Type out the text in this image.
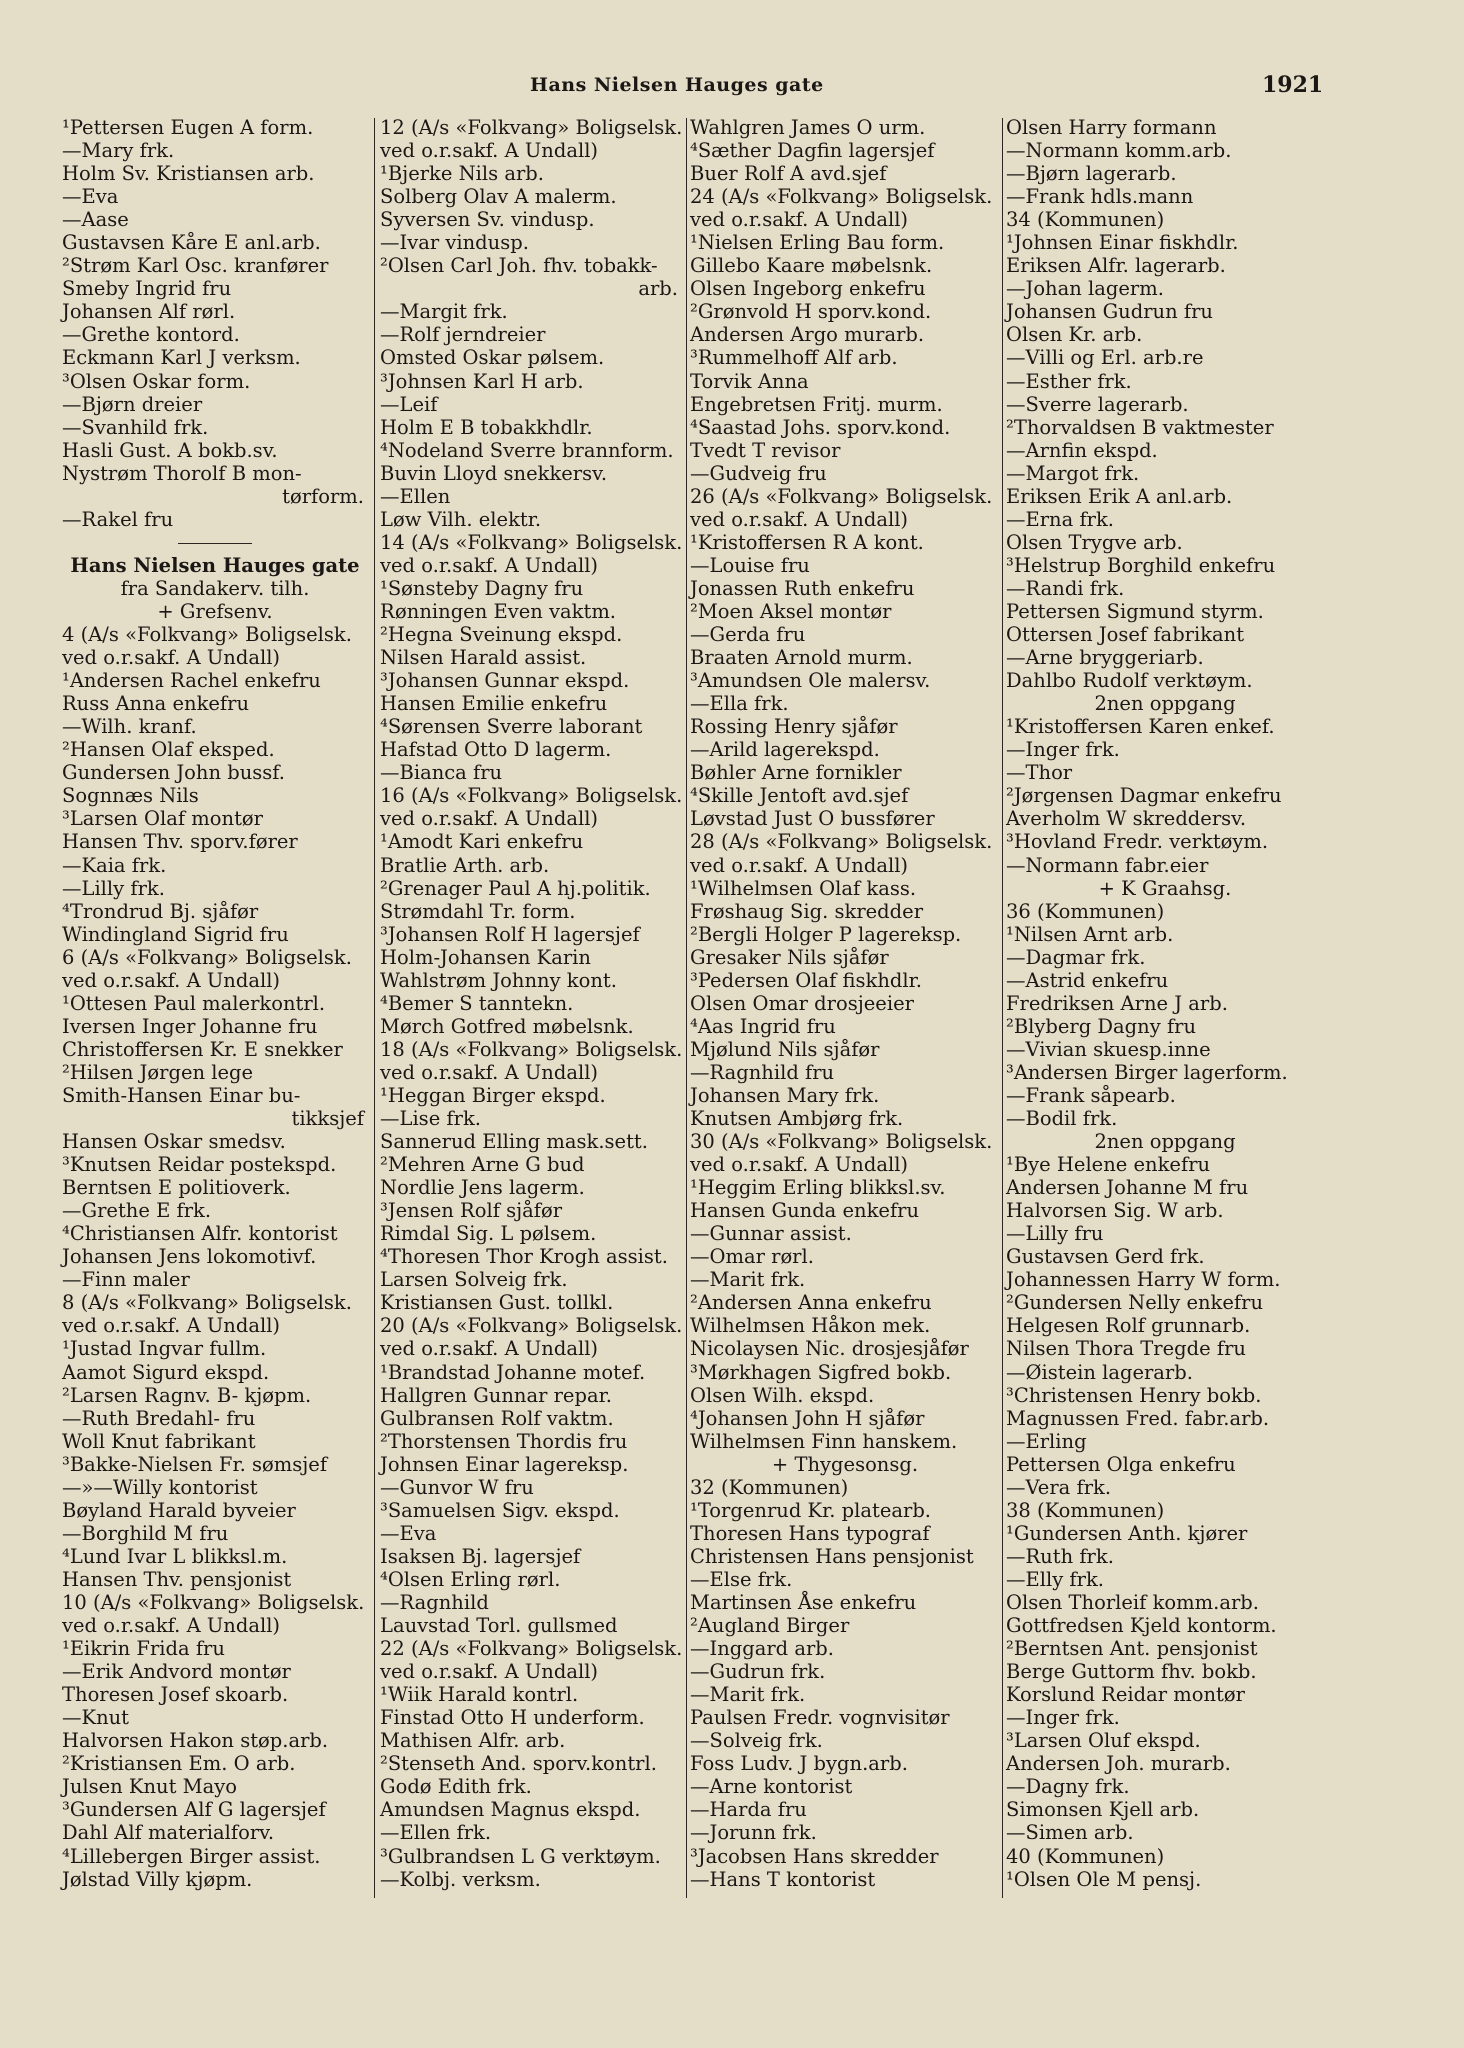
Hans Nielsen Hauges gate	1921
¹Pettersen Eugen A form.
—Mary frk.
Holm Sv. Kristiansen arb.
—Eva
—Aase
Gustavsen Kåre E anl.arb.
²Strøm Karl Osc. kranfører
Smeby Ingrid fru
Johansen Alf rørl.
—Grethe kontord.
Eckmann Karl J verksm.
³Olsen Oskar form.
—Bjørn dreier
—Svanhild frk.
Hasli Gust. A bokb.sv.
Nystrøm Thorolf B mon-
tørform.
—Rakel fru
Hans Nielsen Hauges gate
fra Sandakerv. tilh.
+ Grefsenv.
4 (A/s «Folkvang» Boligselsk.
ved o.r.sakf. A Undall)
¹Andersen Rachel enkefru
Russ Anna enkefru
—Wilh. kranf.
²Hansen Olaf eksped.
Gundersen John bussf.
Sognnæs Nils
³Larsen Olaf montør
Hansen Thv. sporv.fører
—Kaia frk.
—Lilly frk.
⁴Trondrud Bj. sjåfør
Windingland Sigrid fru
6 (A/s «Folkvang» Boligselsk.
ved o.r.sakf. A Undall)
¹Ottesen Paul malerkontrl.
Iversen Inger Johanne fru
Christoffersen Kr. E snekker
²Hilsen Jørgen lege
Smith-Hansen Einar bu-
tikksjef
Hansen Oskar smedsv.
³Knutsen Reidar postekspd.
Berntsen E politioverk.
—Grethe E frk.
⁴Christiansen Alfr. kontorist
Johansen Jens lokomotivf.
—Finn maler
8 (A/s «Folkvang» Boligselsk.
ved o.r.sakf. A Undall)
¹Justad Ingvar fullm.
Aamot Sigurd ekspd.
²Larsen Ragnv. B- kjøpm.
—Ruth Bredahl- fru
Woll Knut fabrikant
³Bakke-Nielsen Fr. sømsjef
—»—Willy kontorist
Bøyland Harald byveier
—Borghild M fru
⁴Lund Ivar L blikksl.m.
Hansen Thv. pensjonist
10 (A/s «Folkvang» Boligselsk.
ved o.r.sakf. A Undall)
¹Eikrin Frida fru
—Erik Andvord montør
Thoresen Josef skoarb.
—Knut
Halvorsen Hakon støp.arb.
²Kristiansen Em. O arb.
Julsen Knut Mayo
³Gundersen Alf G lagersjef
Dahl Alf materialforv.
⁴Lillebergen Birger assist.
Jølstad Villy kjøpm.
12 (A/s «Folkvang» Boligselsk.
ved o.r.sakf. A Undall)
¹Bjerke Nils arb.
Solberg Olav A malerm.
Syversen Sv. vindusp.
—Ivar vindusp.
²Olsen Carl Joh. fhv. tobakk-
arb.
—Margit frk.
—Rolf jerndreier
Omsted Oskar pølsem.
³Johnsen Karl H arb.
—Leif
Holm E B tobakkhdlr.
⁴Nodeland Sverre brannform.
Buvin Lloyd snekkersv.
—Ellen
Løw Vilh. elektr.
14 (A/s «Folkvang» Boligselsk.
ved o.r.sakf. A Undall)
¹Sønsteby Dagny fru
Rønningen Even vaktm.
²Hegna Sveinung ekspd.
Nilsen Harald assist.
³Johansen Gunnar ekspd.
Hansen Emilie enkefru
⁴Sørensen Sverre laborant
Hafstad Otto D lagerm.
—Bianca fru
16 (A/s «Folkvang» Boligselsk.
ved o.r.sakf. A Undall)
¹Amodt Kari enkefru
Bratlie Arth. arb.
²Grenager Paul A hj.politik.
Strømdahl Tr. form.
³Johansen Rolf H lagersjef
Holm-Johansen Karin
Wahlstrøm Johnny kont.
⁴Bemer S tanntekn.
Mørch Gotfred møbelsnk.
18 (A/s «Folkvang» Boligselsk.
ved o.r.sakf. A Undall)
¹Heggan Birger ekspd.
—Lise frk.
Sannerud Elling mask.sett.
²Mehren Arne G bud
Nordlie Jens lagerm.
³Jensen Rolf sjåfør
Rimdal Sig. L pølsem.
⁴Thoresen Thor Krogh assist.
Larsen Solveig frk.
Kristiansen Gust. tollkl.
20 (A/s «Folkvang» Boligselsk.
ved o.r.sakf. A Undall)
¹Brandstad Johanne motef.
Hallgren Gunnar repar.
Gulbransen Rolf vaktm.
²Thorstensen Thordis fru
Johnsen Einar lagereksp.
—Gunvor W fru
³Samuelsen Sigv. ekspd.
—Eva
Isaksen Bj. lagersjef
⁴Olsen Erling rørl.
—Ragnhild
Lauvstad Torl. gullsmed
22 (A/s «Folkvang» Boligselsk.
ved o.r.sakf. A Undall)
¹Wiik Harald kontrl.
Finstad Otto H underform.
Mathisen Alfr. arb.
²Stenseth And. sporv.kontrl.
Godø Edith frk.
Amundsen Magnus ekspd.
—Ellen frk.
³Gulbrandsen L G verktøym.
—Kolbj. verksm.
Wahlgren James O urm.
⁴Sæther Dagfin lagersjef
Buer Rolf A avd.sjef
24 (A/s «Folkvang» Boligselsk.
ved o.r.sakf. A Undall)
¹Nielsen Erling Bau form.
Gillebo Kaare møbelsnk.
Olsen Ingeborg enkefru
²Grønvold H sporv.kond.
Andersen Argo murarb.
³Rummelhoff Alf arb.
Torvik Anna
Engebretsen Fritj. murm.
⁴Saastad Johs. sporv.kond.
Tvedt T revisor
—Gudveig fru
26 (A/s «Folkvang» Boligselsk.
ved o.r.sakf. A Undall)
¹Kristoffersen R A kont.
—Louise fru
Jonassen Ruth enkefru
²Moen Aksel montør
—Gerda fru
Braaten Arnold murm.
³Amundsen Ole malersv.
—Ella frk.
Rossing Henry sjåfør
—Arild lagerekspd.
Bøhler Arne fornikler
⁴Skille Jentoft avd.sjef
Løvstad Just O bussfører
28 (A/s «Folkvang» Boligselsk.
ved o.r.sakf. A Undall)
¹Wilhelmsen Olaf kass.
Frøshaug Sig. skredder
²Bergli Holger P lagereksp.
Gresaker Nils sjåfør
³Pedersen Olaf fiskhdlr.
Olsen Omar drosjeeier
⁴Aas Ingrid fru
Mjølund Nils sjåfør
—Ragnhild fru
Johansen Mary frk.
Knutsen Ambjørg frk.
30 (A/s «Folkvang» Boligselsk.
ved o.r.sakf. A Undall)
¹Heggim Erling blikksl.sv.
Hansen Gunda enkefru
—Gunnar assist.
—Omar rørl.
—Marit frk.
²Andersen Anna enkefru
Wilhelmsen Håkon mek.
Nicolaysen Nic. drosjesjåfør
³Mørkhagen Sigfred bokb.
Olsen Wilh. ekspd.
⁴Johansen John H sjåfør
Wilhelmsen Finn hanskem.
+ Thygesonsg.
32 (Kommunen)
¹Torgenrud Kr. platearb.
Thoresen Hans typograf
Christensen Hans pensjonist
—Else frk.
Martinsen Åse enkefru
²Augland Birger
—Inggard arb.
—Gudrun frk.
—Marit frk.
Paulsen Fredr. vognvisitør
—Solveig frk.
Foss Ludv. J bygn.arb.
—Arne kontorist
—Harda fru
—Jorunn frk.
³Jacobsen Hans skredder
—Hans T kontorist
Olsen Harry formann
—Normann komm.arb.
—Bjørn lagerarb.
—Frank hdls.mann
34 (Kommunen)
¹Johnsen Einar fiskhdlr.
Eriksen Alfr. lagerarb.
—Johan lagerm.
Johansen Gudrun fru
Olsen Kr. arb.
—Villi og Erl. arb.re
—Esther frk.
—Sverre lagerarb.
²Thorvaldsen B vaktmester
—Arnfin ekspd.
—Margot frk.
Eriksen Erik A anl.arb.
—Erna frk.
Olsen Trygve arb.
³Helstrup Borghild enkefru
—Randi frk.
Pettersen Sigmund styrm.
Ottersen Josef fabrikant
—Arne bryggeriarb.
Dahlbo Rudolf verktøym.
2nen oppgang
¹Kristoffersen Karen enkef.
—Inger frk.
—Thor
²Jørgensen Dagmar enkefru
Averholm W skreddersv.
³Hovland Fredr. verktøym.
—Normann fabr.eier
+ K Graahsg.
36 (Kommunen)
¹Nilsen Arnt arb.
—Dagmar frk.
—Astrid enkefru
Fredriksen Arne J arb.
²Blyberg Dagny fru
—Vivian skuesp.inne
³Andersen Birger lagerform.
—Frank såpearb.
—Bodil frk.
2nen oppgang
¹Bye Helene enkefru
Andersen Johanne M fru
Halvorsen Sig. W arb.
—Lilly fru
Gustavsen Gerd frk.
Johannessen Harry W form.
²Gundersen Nelly enkefru
Helgesen Rolf grunnarb.
Nilsen Thora Tregde fru
—Øistein lagerarb.
³Christensen Henry bokb.
Magnussen Fred. fabr.arb.
—Erling
Pettersen Olga enkefru
—Vera frk.
38 (Kommunen)
¹Gundersen Anth. kjører
—Ruth frk.
—Elly frk.
Olsen Thorleif komm.arb.
Gottfredsen Kjeld kontorm.
²Berntsen Ant. pensjonist
Berge Guttorm fhv. bokb.
Korslund Reidar montør
—Inger frk.
³Larsen Oluf ekspd.
Andersen Joh. murarb.
—Dagny frk.
Simonsen Kjell arb.
—Simen arb.
40 (Kommunen)
¹Olsen Ole M pensj.
